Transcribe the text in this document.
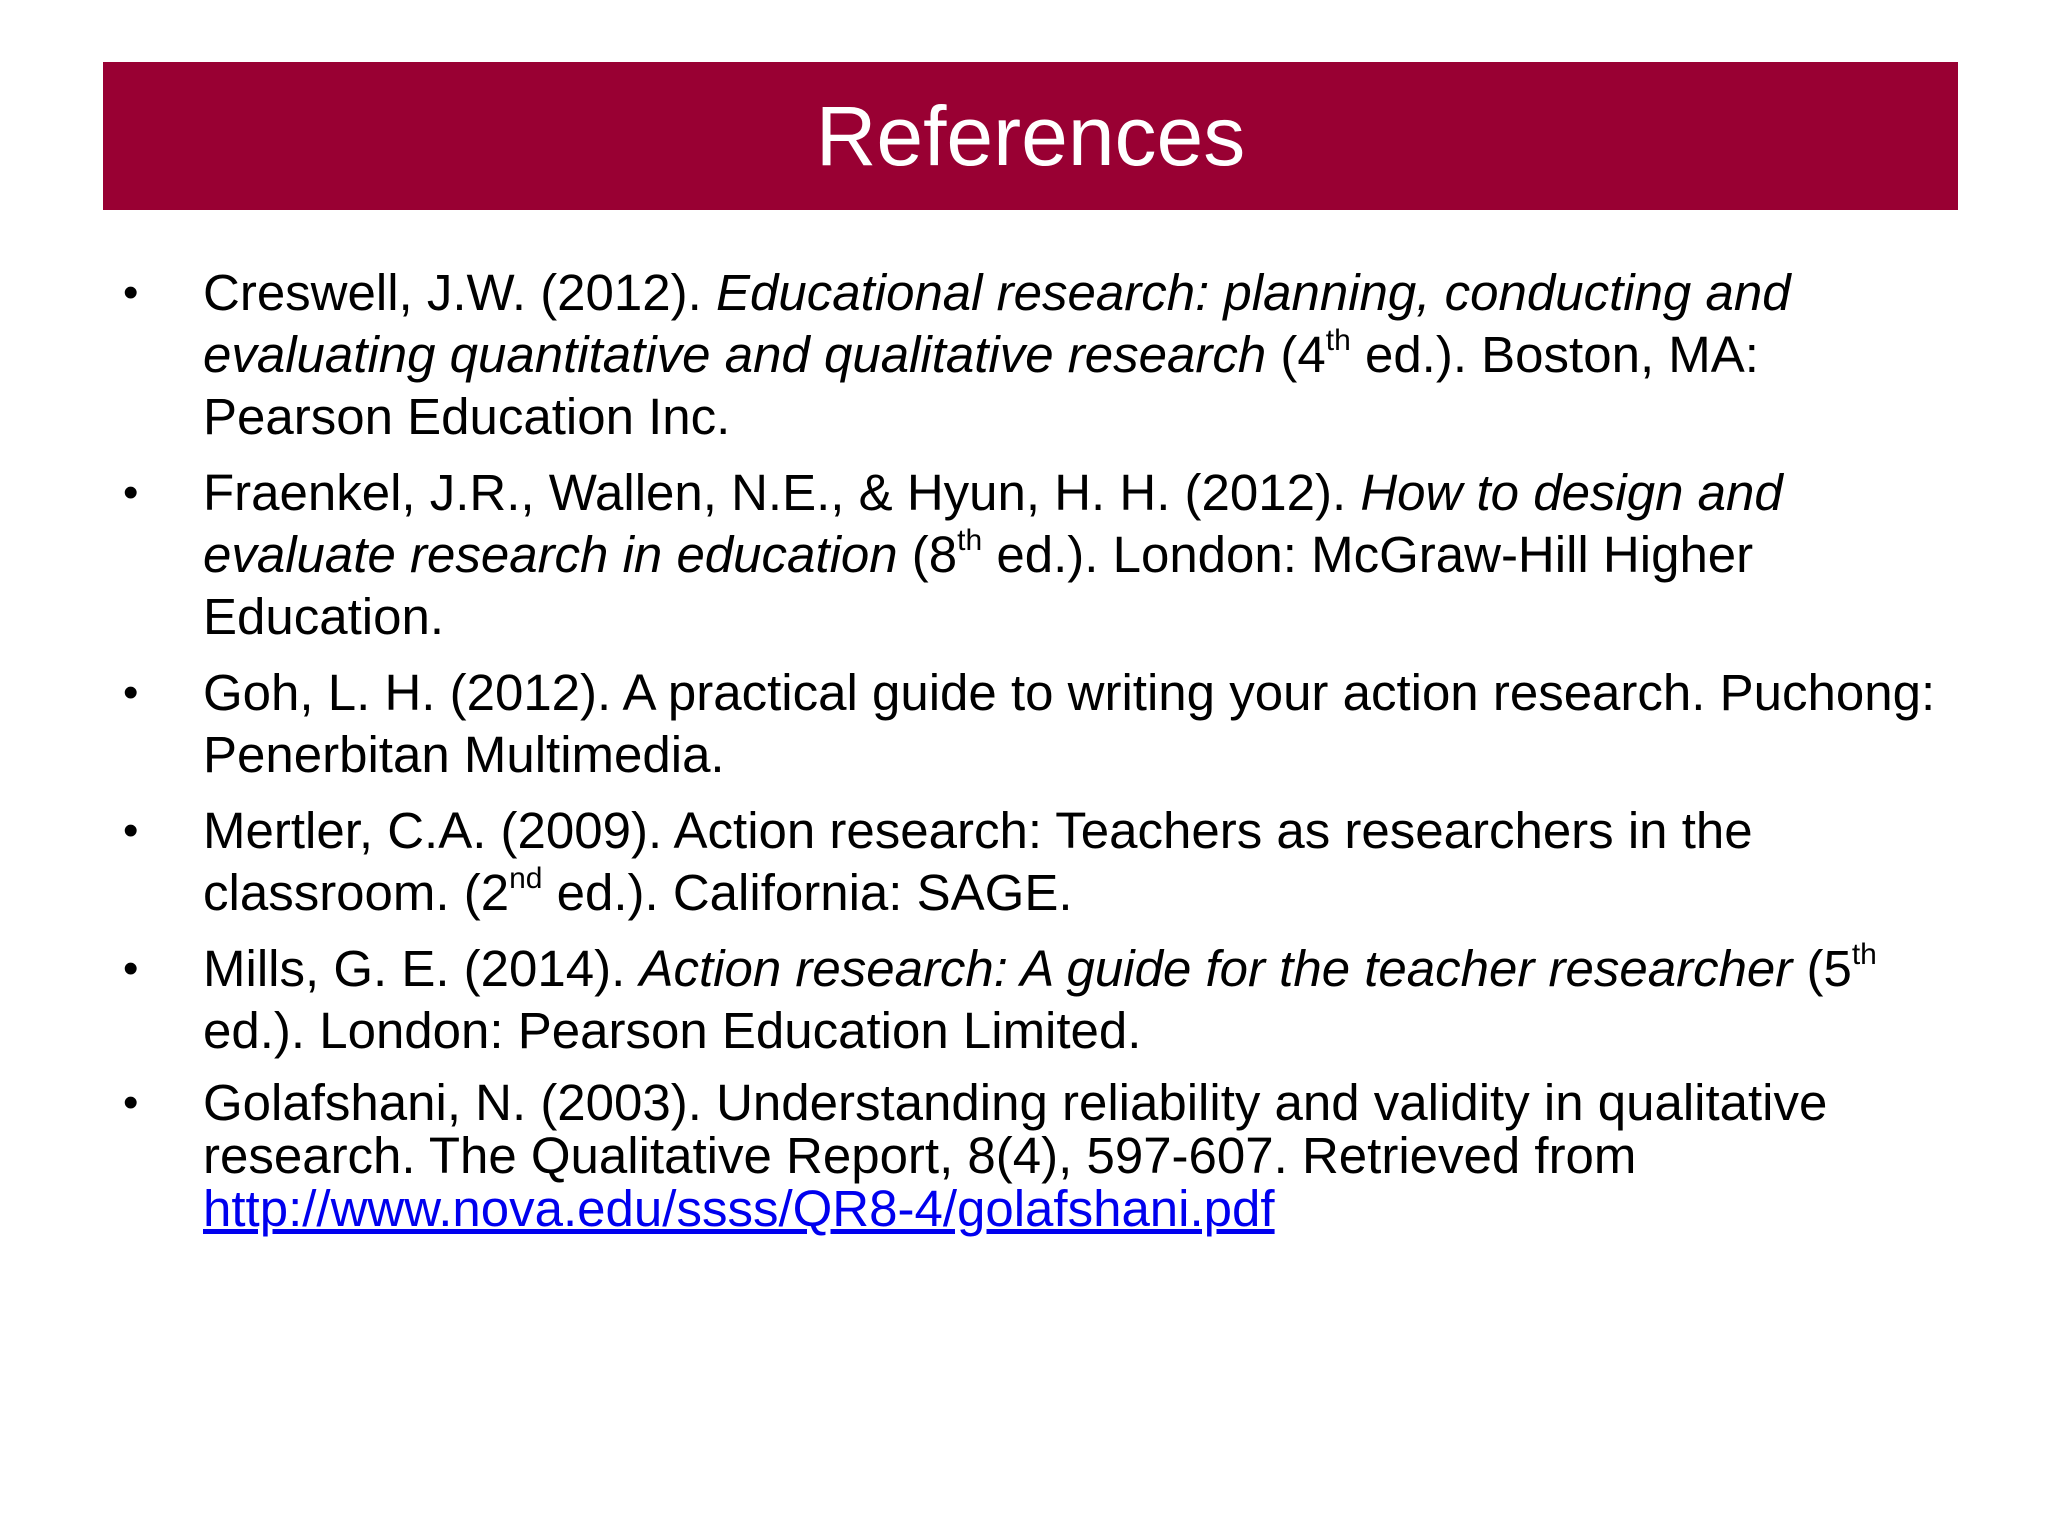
References
• Creswell, J.W. (2012). Educational research: planning, conducting and evaluating quantitative and qualitative research (4th ed.). Boston, MA: Pearson Education Inc.
• Fraenkel, J.R., Wallen, N.E., & Hyun, H. H. (2012). How to design and evaluate research in education (8th ed.). London: McGraw-Hill Higher Education.
• Goh, L. H. (2012). A practical guide to writing your action research. Puchong: Penerbitan Multimedia.
• Mertler, C.A. (2009). Action research: Teachers as researchers in the classroom. (2nd ed.). California: SAGE.
• Mills, G. E. (2014). Action research: A guide for the teacher researcher (5th ed.). London: Pearson Education Limited.
• Golafshani, N. (2003). Understanding reliability and validity in qualitative research. The Qualitative Report, 8(4), 597-607. Retrieved from http://www.nova.edu/ssss/QR8-4/golafshani.pdf
